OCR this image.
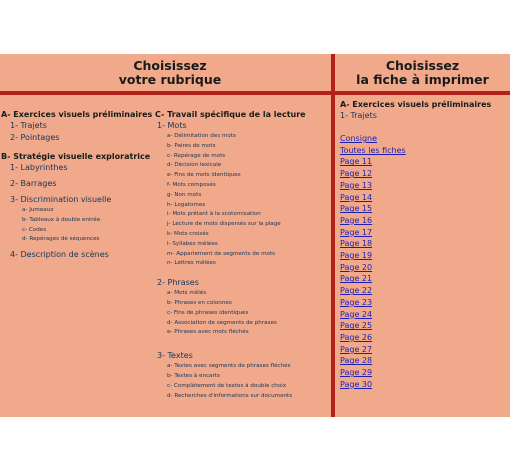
Choisissez
votre rubrique
Choisissez
la fiche à imprimer
A- Exercices visuels préliminaires
1- Trajets
2- Pointages
B- Stratégie visuelle exploratrice
1- Labyrinthes
2- Barrages
3- Discrimination visuelle
a- Jumeaux
b- Tableaux à double entrée
c- Codes
d- Repérages de séquences
4- Description de scènes
C- Travail spécifique de la lecture
1- Mots
a- Délimitation des mots
b- Paires de mots
c- Repérage de mots
d- Décision lexicale
e- Fins de mots identiques
f- Mots composés
g- Non mots
h- Logatomes
i- Mots prêtant à la scotomisation
j- Lecture de mots dispersés sur la plage
k- Mots croisés
l- Syllabes mêlées
m- Appariement de segments de mots
n- Lettres mêlées
2- Phrases
a- Mots mêlés
b- Phrases en colonnes
c- Fins de phrases identiques
d- Association de segments de phrases
e- Phrases avec mots fléchés
3- Textes
a- Textes avec segments de phrases fléchés
b- Textes à encarts
c- Complètement de textes à double choix
d- Recherches d'informations sur documents
A- Exercices visuels préliminaires
1- Trajets
Consigne
Toutes les fiches
Page 11
Page 12
Page 13
Page 14
Page 15
Page 16
Page 17
Page 18
Page 19
Page 20
Page 21
Page 22
Page 23
Page 24
Page 25
Page 26
Page 27
Page 28
Page 29
Page 30
